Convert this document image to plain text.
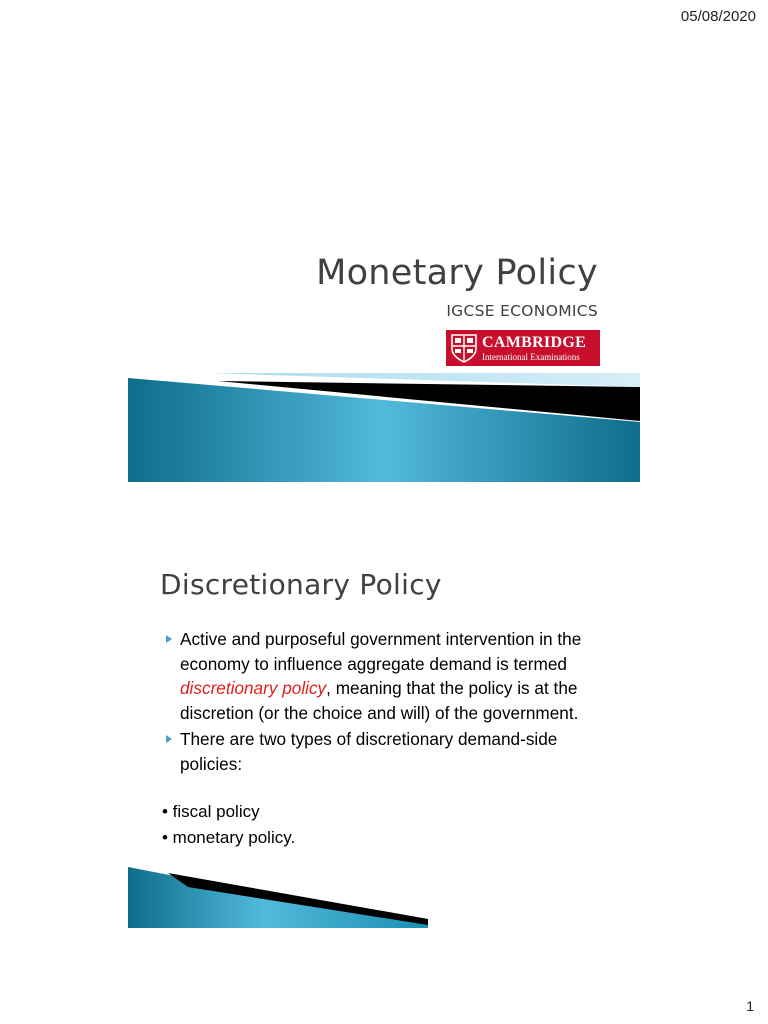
05/08/2020
Monetary Policy
IGCSE ECONOMICS
CAMBRIDGE
International Examinations
Discretionary Policy
Active and purposeful government intervention in the economy to influence aggregate demand is termed discretionary policy, meaning that the policy is at the discretion (or the choice and will) of the government.
There are two types of discretionary demand-side policies:
• fiscal policy
• monetary policy.
1
